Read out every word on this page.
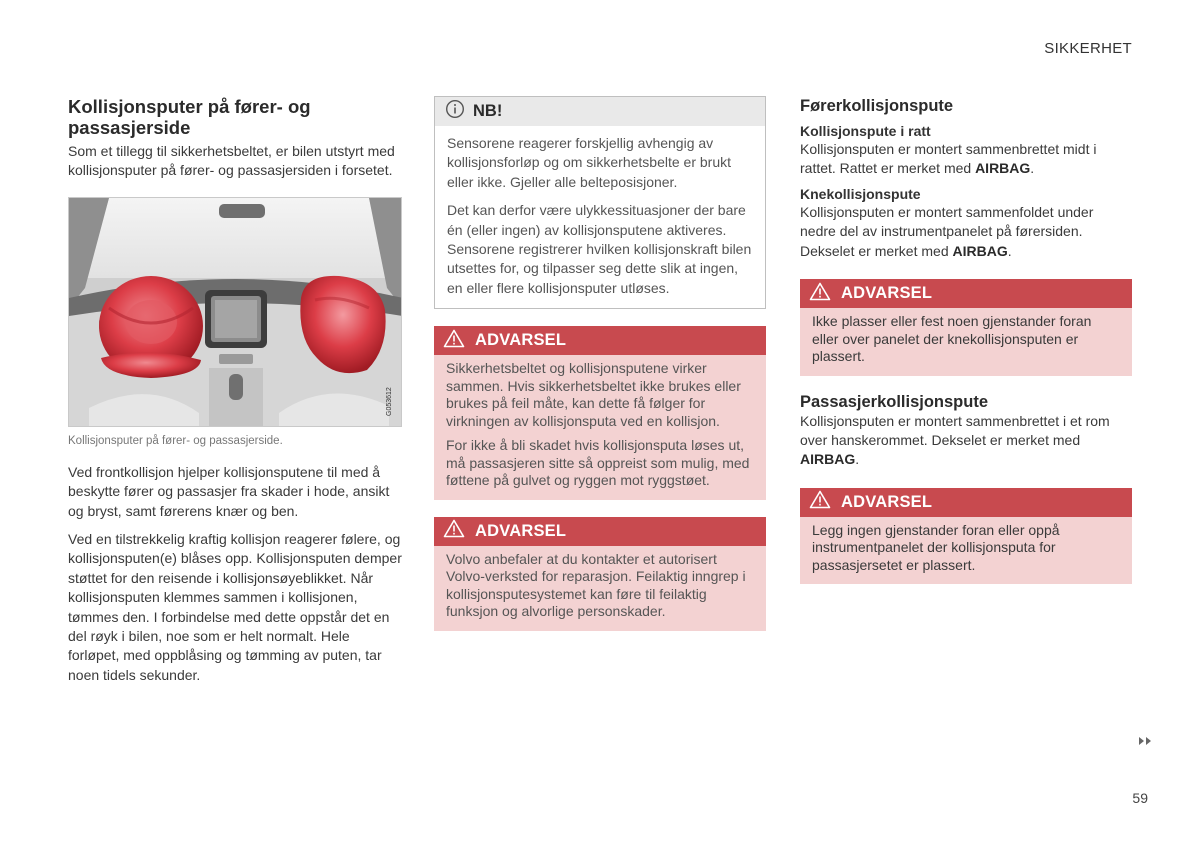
SIKKERHET
Kollisjonsputer på fører- og passasjerside

Som et tillegg til sikkerhetsbeltet, er bilen utstyrt med kollisjonsputer på fører- og passasjersiden i forsetet.

G053612

Kollisjonsputer på fører- og passasjerside.

Ved frontkollisjon hjelper kollisjonsputene til med å beskytte fører og passasjer fra skader i hode, ansikt og bryst, samt førerens knær og ben.

Ved en tilstrekkelig kraftig kollisjon reagerer følere, og kollisjonsputen(e) blåses opp. Kollisjonsputen demper støttet for den reisende i kollisjonsøyeblikket. Når kollisjonsputen klemmes sammen i kollisjonen, tømmes den. I forbindelse med dette oppstår det en del røyk i bilen, noe som er helt normalt. Hele forløpet, med oppblåsing og tømming av puten, tar noen tidels sekunder.

NB!

Sensorene reagerer forskjellig avhengig av kollisjonsforløp og om sikkerhetsbelte er brukt eller ikke. Gjeller alle belteposisjoner.

Det kan derfor være ulykkessituasjoner der bare én (eller ingen) av kollisjonsputene aktiveres. Sensorene registrerer hvilken kollisjonskraft bilen utsettes for, og tilpasser seg dette slik at ingen, en eller flere kollisjonsputer utløses.

ADVARSEL

Sikkerhetsbeltet og kollisjonsputene virker sammen. Hvis sikkerhetsbeltet ikke brukes eller brukes på feil måte, kan dette få følger for virkningen av kollisjonsputa ved en kollisjon.

For ikke å bli skadet hvis kollisjonsputa løses ut, må passasjeren sitte så oppreist som mulig, med føttene på gulvet og ryggen mot ryggstøet.

ADVARSEL

Volvo anbefaler at du kontakter et autorisert Volvo-verksted for reparasjon. Feilaktig inngrep i kollisjonsputesystemet kan føre til feilaktig funksjon og alvorlige personskader.

Førerkollisjonspute
Kollisjonspute i ratt

Kollisjonsputen er montert sammenbrettet midt i rattet. Rattet er merket med AIRBAG.

Knekollisjonspute

Kollisjonsputen er montert sammenfoldet under nedre del av instrumentpanelet på førersiden. Dekselet er merket med AIRBAG.

ADVARSEL

Ikke plasser eller fest noen gjenstander foran eller over panelet der knekollisjonsputen er plassert.

Passasjerkollisjonspute

Kollisjonsputen er montert sammenbrettet i et rom over hanskerommet. Dekselet er merket med AIRBAG.

ADVARSEL

Legg ingen gjenstander foran eller oppå instrumentpanelet der kollisjonsputa for passasjersetet er plassert.

59
